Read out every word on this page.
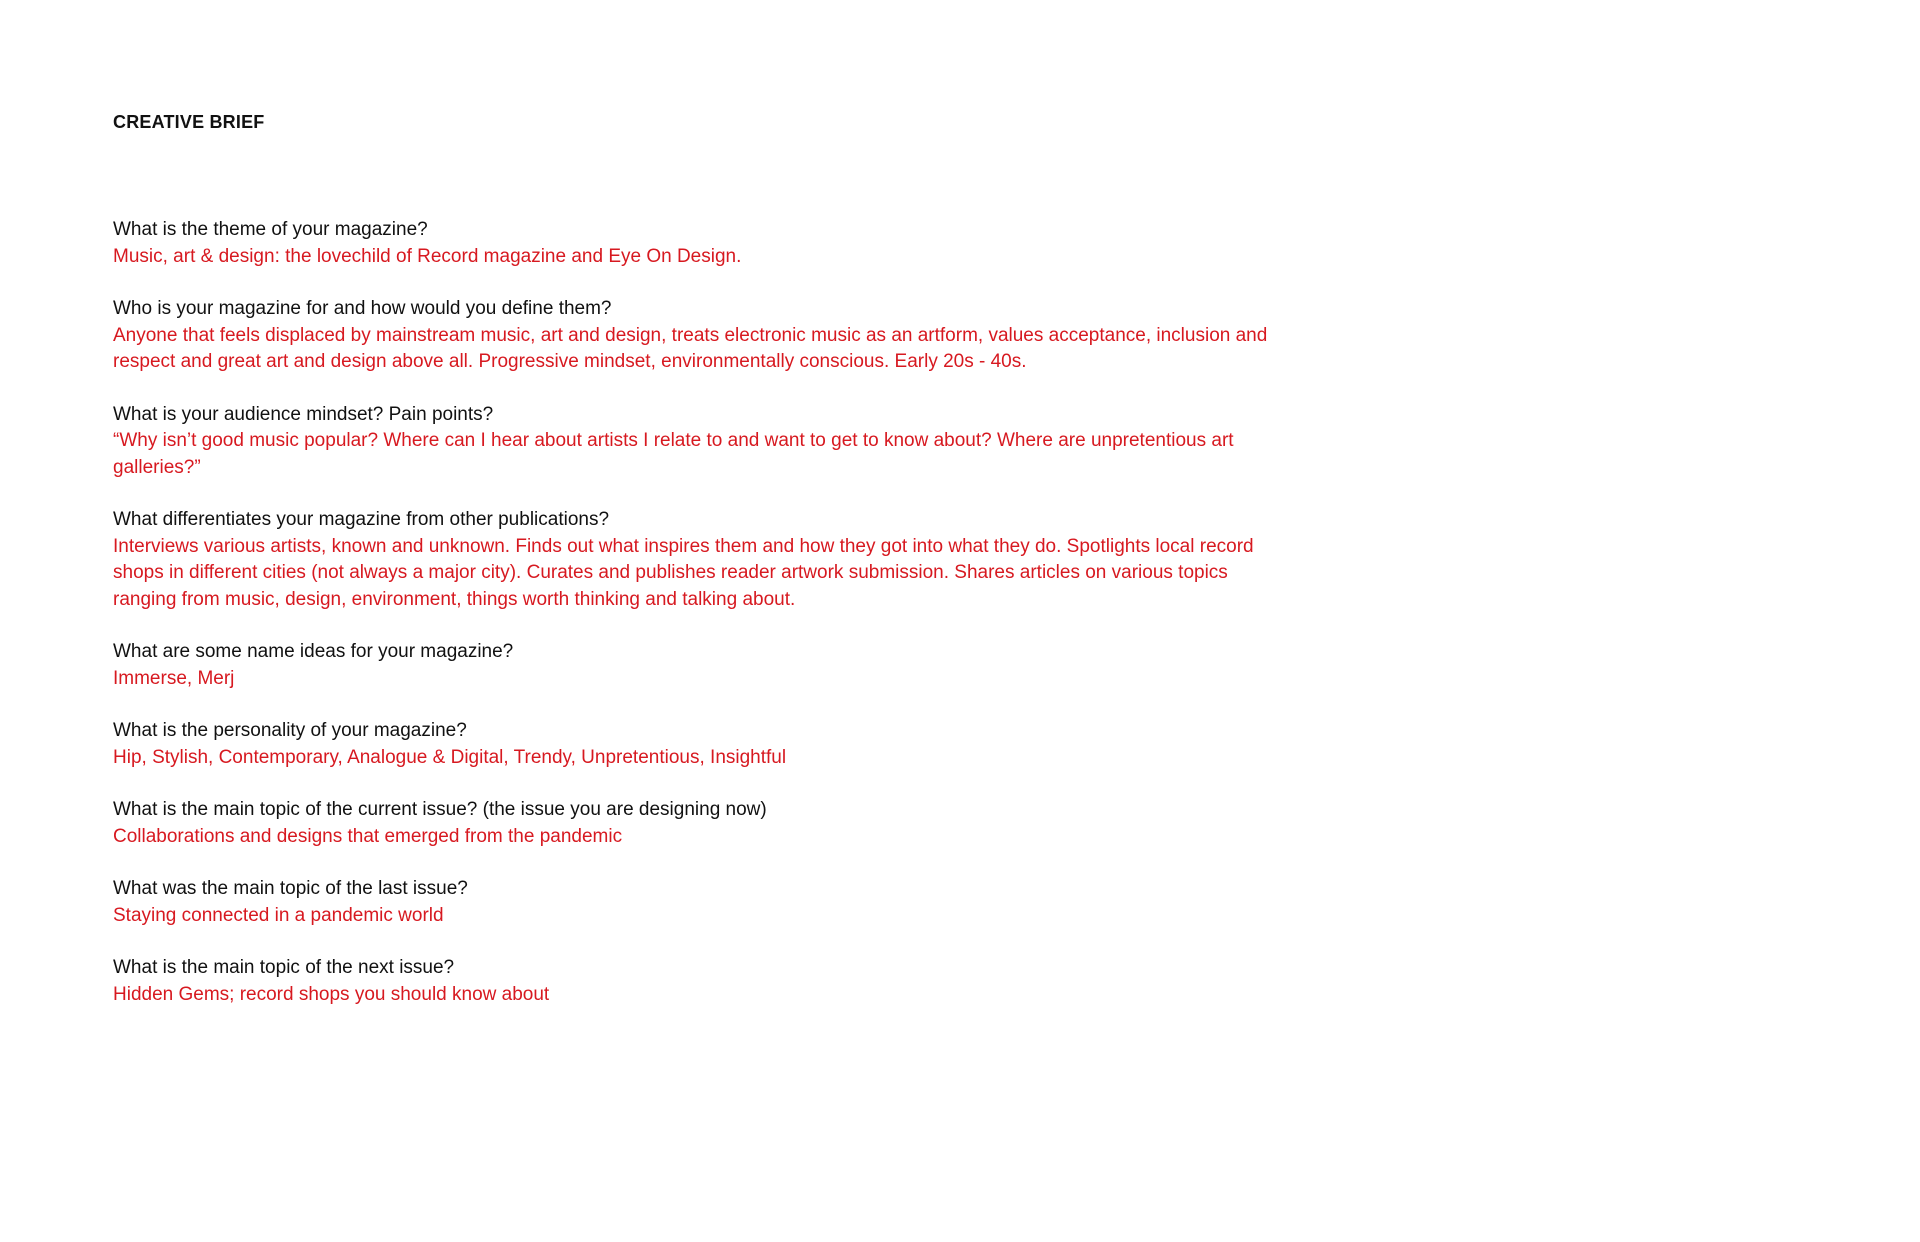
CREATIVE BRIEF

What is the theme of your magazine?

Music, art & design: the lovechild of Record magazine and Eye On Design.

Who is your magazine for and how would you define them?

Anyone that feels displaced by mainstream music, art and design, treats electronic music as an artform, values acceptance, inclusion and respect and great art and design above all. Progressive mindset, environmentally conscious. Early 20s - 40s.

What is your audience mindset? Pain points?

“Why isn’t good music popular? Where can I hear about artists I relate to and want to get to know about? Where are unpretentious art galleries?”

What differentiates your magazine from other publications?

Interviews various artists, known and unknown. Finds out what inspires them and how they got into what they do. Spotlights local record shops in different cities (not always a major city). Curates and publishes reader artwork submission. Shares articles on various topics ranging from music, design, environment, things worth thinking and talking about.

What are some name ideas for your magazine?

Immerse, Merj

What is the personality of your magazine?

Hip, Stylish, Contemporary, Analogue & Digital, Trendy, Unpretentious, Insightful

What is the main topic of the current issue? (the issue you are designing now)

Collaborations and designs that emerged from the pandemic

What was the main topic of the last issue?

Staying connected in a pandemic world

What is the main topic of the next issue?

Hidden Gems; record shops you should know about
